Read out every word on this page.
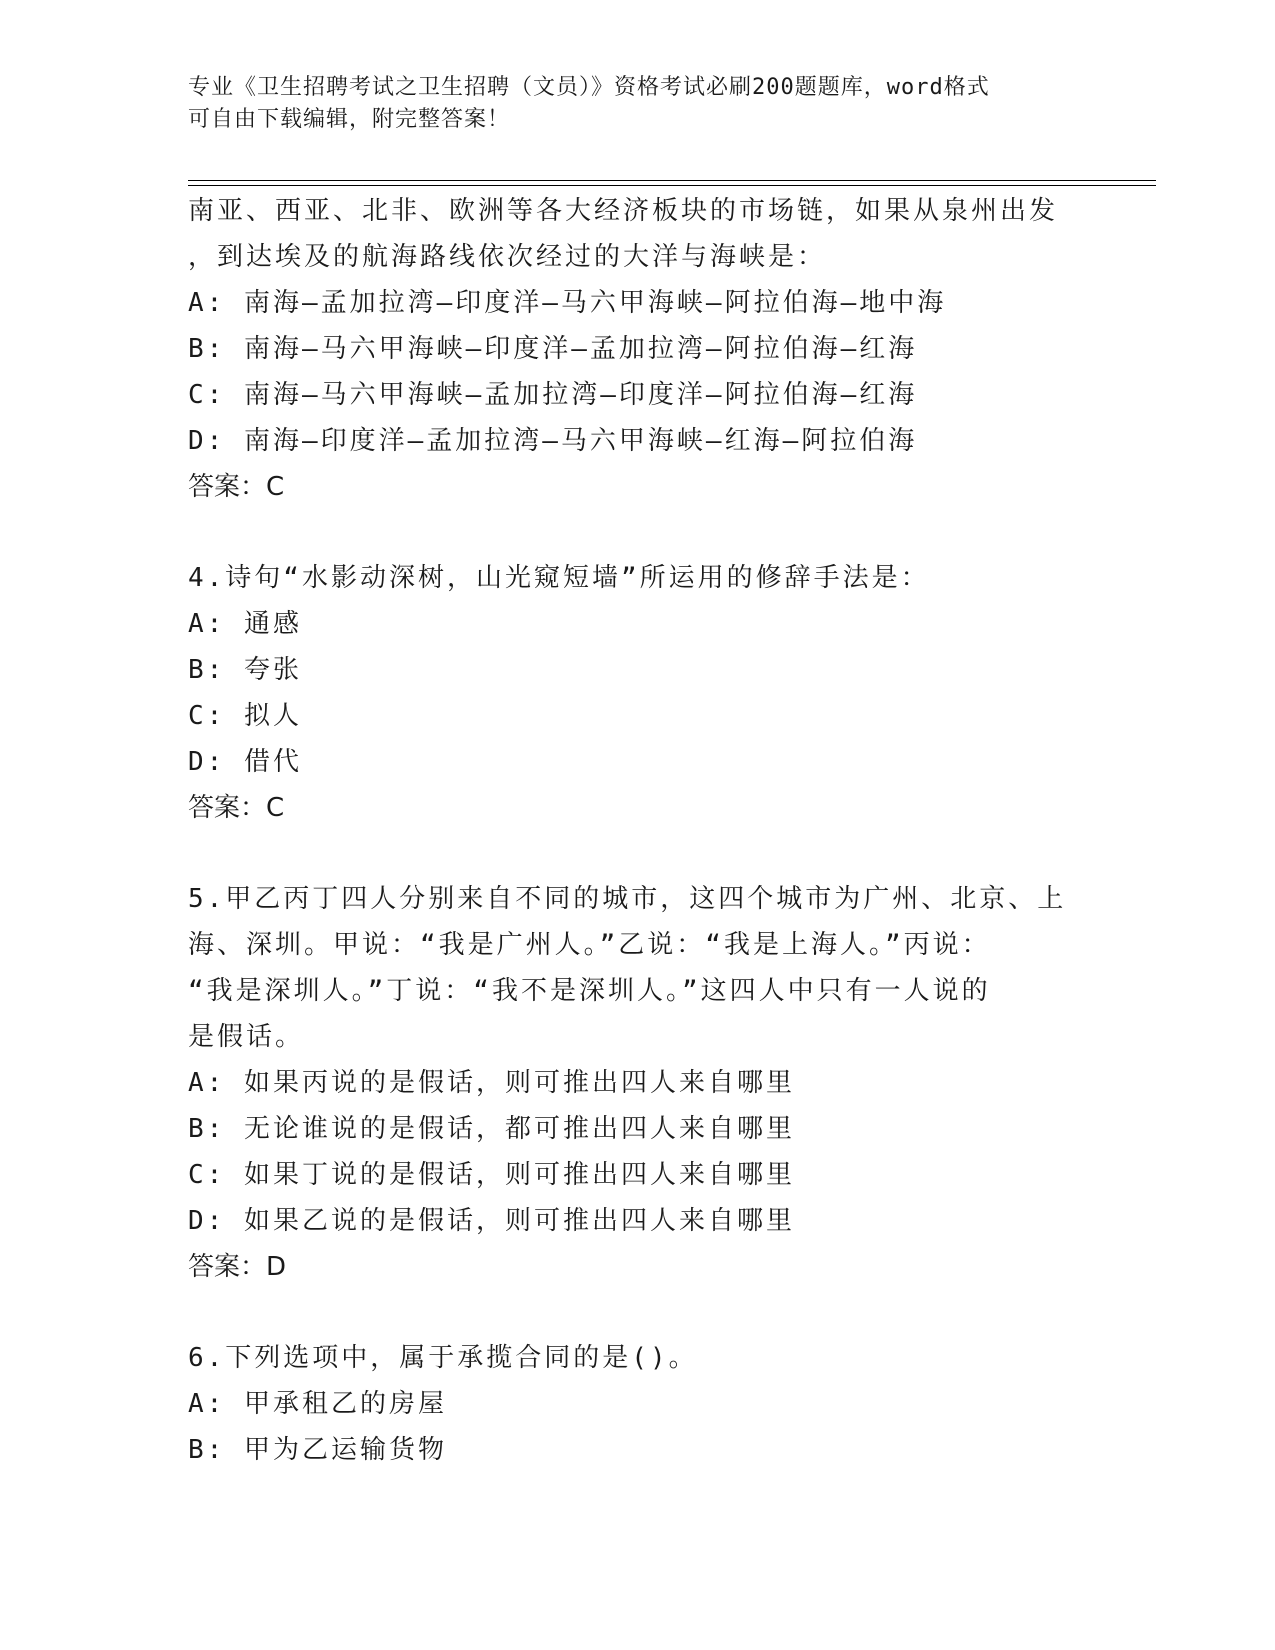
专业《卫生招聘考试之卫生招聘（文员）》资格考试必刷200题题库，word格式
可自由下载编辑，附完整答案！
南亚、西亚、北非、欧洲等各大经济板块的市场链，如果从泉州出发
，到达埃及的航海路线依次经过的大洋与海峡是：
A: 南海—孟加拉湾—印度洋—马六甲海峡—阿拉伯海—地中海
B: 南海—马六甲海峡—印度洋—孟加拉湾—阿拉伯海—红海
C: 南海—马六甲海峡—孟加拉湾—印度洋—阿拉伯海—红海
D: 南海—印度洋—孟加拉湾—马六甲海峡—红海—阿拉伯海
答案：C
4.诗句“水影动深树，山光窥短墙”所运用的修辞手法是：
A: 通感
B: 夸张
C: 拟人
D: 借代
答案：C
5.甲乙丙丁四人分别来自不同的城市，这四个城市为广州、北京、上
海、深圳。甲说：“我是广州人。”乙说：“我是上海人。”丙说：
“我是深圳人。”丁说：“我不是深圳人。”这四人中只有一人说的
是假话。
A: 如果丙说的是假话，则可推出四人来自哪里
B: 无论谁说的是假话，都可推出四人来自哪里
C: 如果丁说的是假话，则可推出四人来自哪里
D: 如果乙说的是假话，则可推出四人来自哪里
答案：D
6.下列选项中，属于承揽合同的是()。
A: 甲承租乙的房屋
B: 甲为乙运输货物
